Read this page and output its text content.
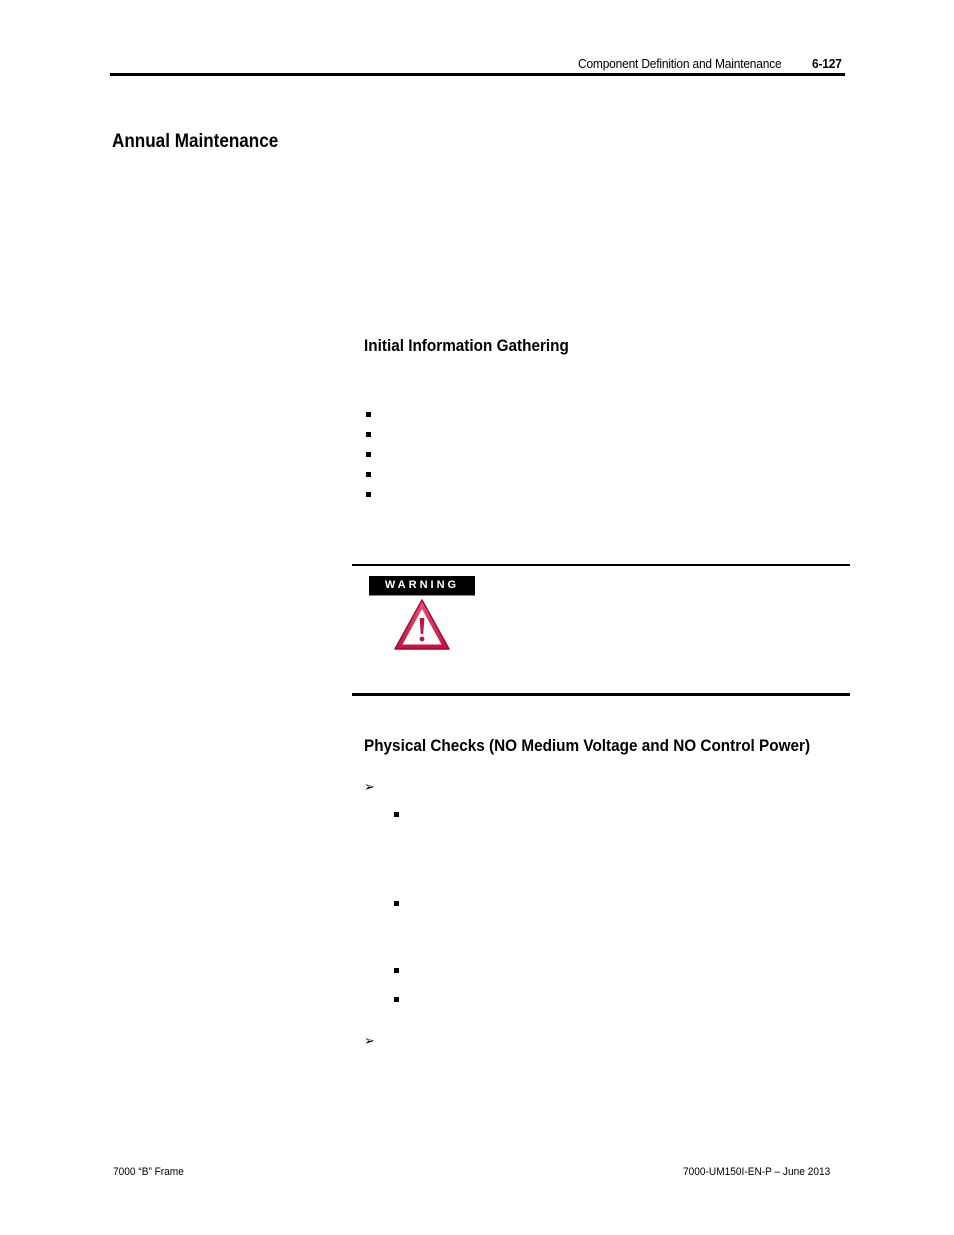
Component Definition and Maintenance 6-127
Annual Maintenance
Initial Information Gathering
WARNING
Physical Checks (NO Medium Voltage and NO Control Power)
➢
➢
7000 “B” Frame	7000-UM150I-EN-P – June 2013
